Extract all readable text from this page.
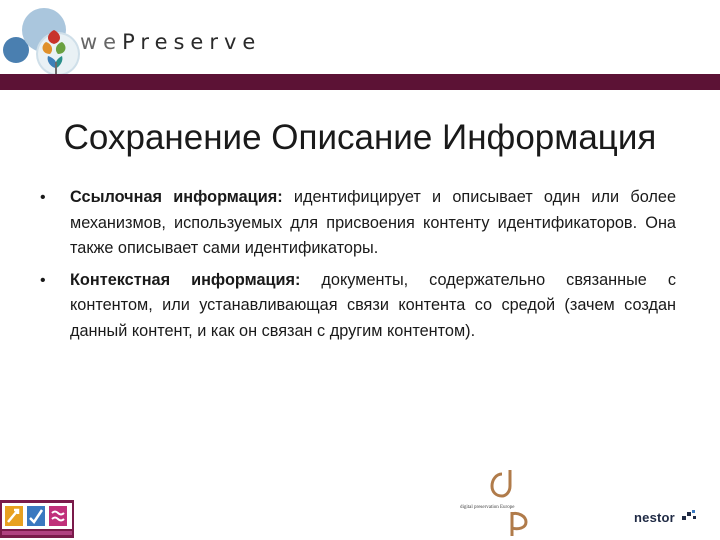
wePreserve
Сохранение Описание Информация
• Ссылочная информация: идентифицирует и описывает один или более механизмов, используемых для присвоения контенту идентификаторов. Она также описывает сами идентификаторы.
• Контекстная информация: документы, содержательно связанные с контентом, или устанавливающая связи контента со средой (зачем создан данный контент, и как он связан с другим контентом).
digital preservation Europe
nestor
